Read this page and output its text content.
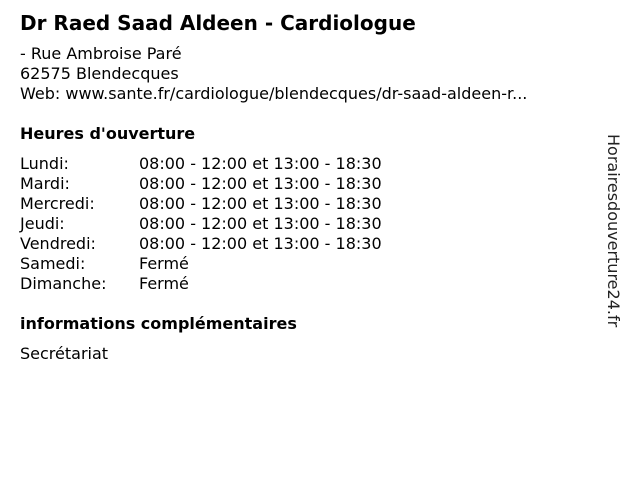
Dr Raed Saad Aldeen - Cardiologue
- Rue Ambroise Paré
62575 Blendecques
Web: www.sante.fr/cardiologue/blendecques/dr-saad-aldeen-r...
Heures d'ouverture
Lundi:	08:00 - 12:00 et 13:00 - 18:30
Mardi:	08:00 - 12:00 et 13:00 - 18:30
Mercredi:	08:00 - 12:00 et 13:00 - 18:30
Jeudi:	08:00 - 12:00 et 13:00 - 18:30
Vendredi:	08:00 - 12:00 et 13:00 - 18:30
Samedi:	Fermé
Dimanche:	Fermé
informations complémentaires
Secrétariat
Horairesdouverture24.fr
